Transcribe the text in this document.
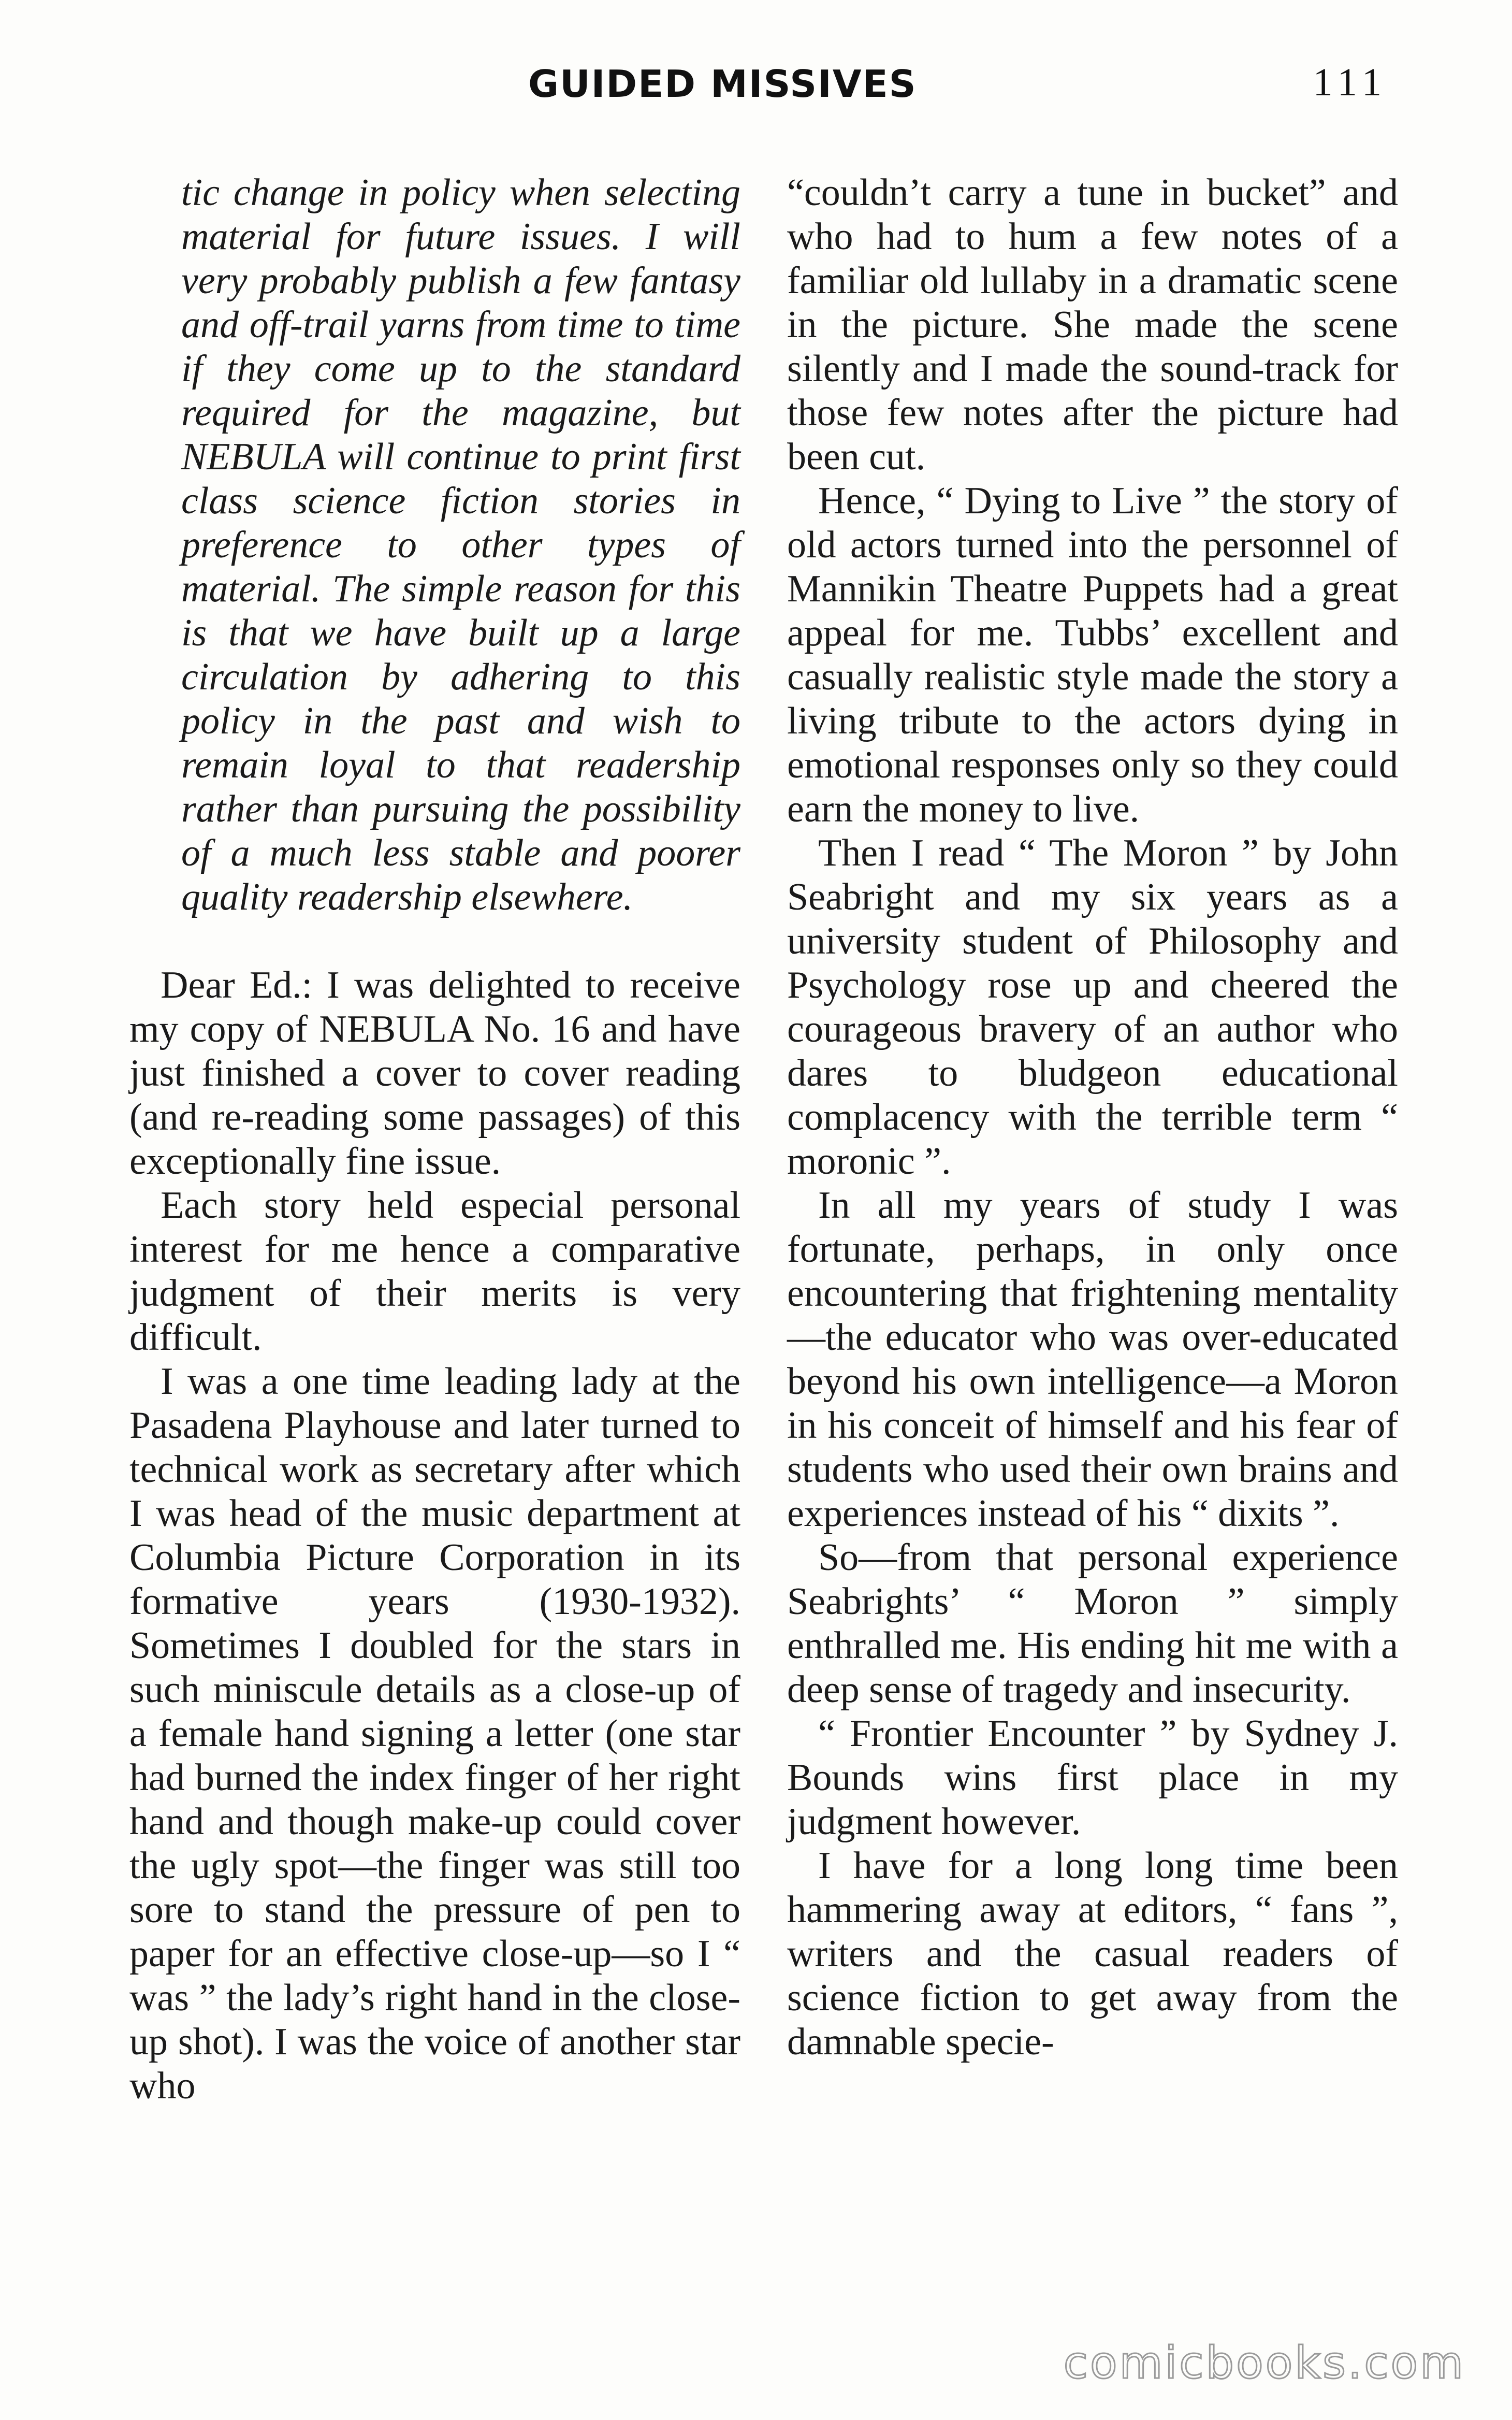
GUIDED MISSIVES	111

tic change in policy when selecting material for future issues. I will very probably publish a few fantasy and off-trail yarns from time to time if they come up to the standard required for the magazine, but NEBULA will continue to print first class science fiction stories in preference to other types of material. The simple reason for this is that we have built up a large circulation by adhering to this policy in the past and wish to remain loyal to that readership rather than pursuing the possibility of a much less stable and poorer quality readership elsewhere.

Dear Ed.: I was delighted to receive my copy of NEBULA No. 16 and have just finished a cover to cover reading (and re-reading some passages) of this exceptionally fine issue.

Each story held especial personal interest for me hence a comparative judgment of their merits is very difficult.

I was a one time leading lady at the Pasadena Playhouse and later turned to technical work as secretary after which I was head of the music department at Columbia Picture Corporation in its formative years (1930-1932). Sometimes I doubled for the stars in such miniscule details as a close-up of a female hand signing a letter (one star had burned the index finger of her right hand and though make-up could cover the ugly spot—the finger was still too sore to stand the pressure of pen to paper for an effective close-up—so I “ was ” the lady’s right hand in the close-up shot). I was the voice of another star who

“couldn’t carry a tune in bucket” and who had to hum a few notes of a familiar old lullaby in a dramatic scene in the picture. She made the scene silently and I made the sound-track for those few notes after the picture had been cut.

Hence, “ Dying to Live ” the story of old actors turned into the personnel of Mannikin Theatre Puppets had a great appeal for me. Tubbs’ excellent and casually realistic style made the story a living tribute to the actors dying in emotional responses only so they could earn the money to live.

Then I read “ The Moron ” by John Seabright and my six years as a university student of Philosophy and Psychology rose up and cheered the courageous bravery of an author who dares to bludgeon educational complacency with the terrible term “ moronic ”.

In all my years of study I was fortunate, perhaps, in only once encountering that frightening mentality—the educator who was over-educated beyond his own intelligence—a Moron in his conceit of himself and his fear of students who used their own brains and experiences instead of his “ dixits ”.

So—from that personal experience Seabrights’ “ Moron ” simply enthralled me. His ending hit me with a deep sense of tragedy and insecurity.

“ Frontier Encounter ” by Sydney J. Bounds wins first place in my judgment however.

I have for a long long time been hammering away at editors, “ fans ”, writers and the casual readers of science fiction to get away from the damnable specie-

comicbooks.com
